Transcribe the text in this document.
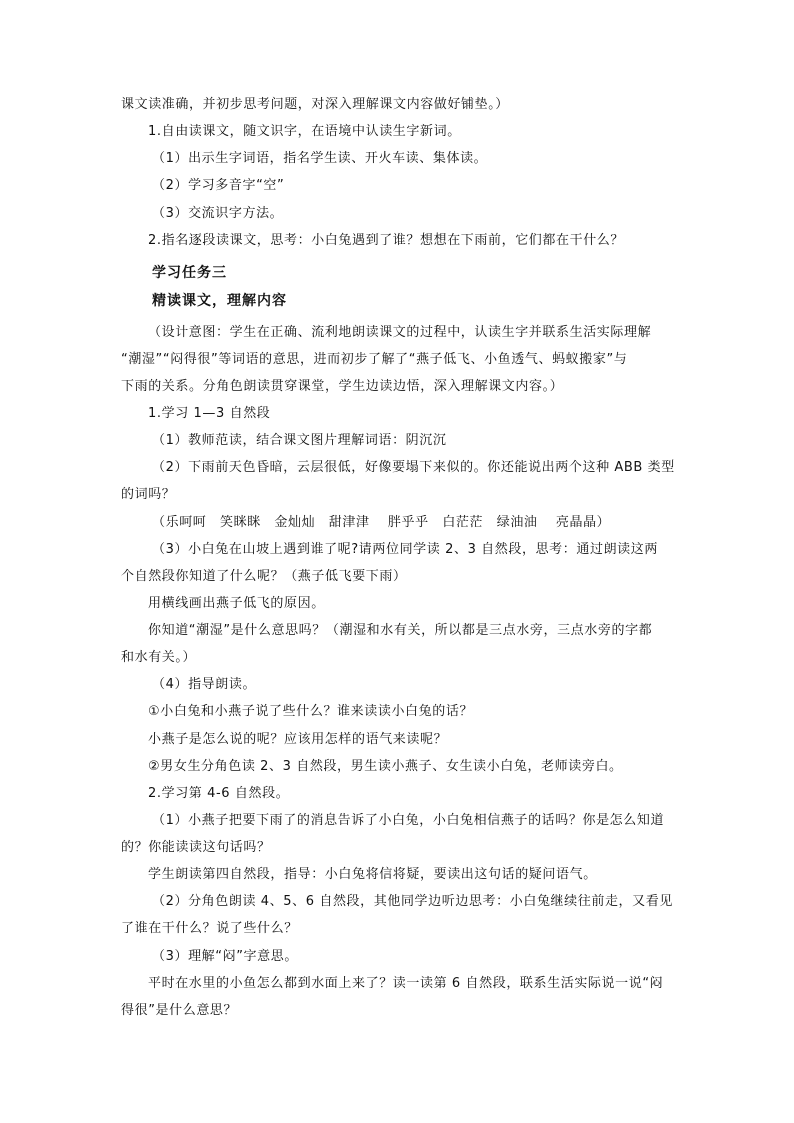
课文读准确，并初步思考问题，对深入理解课文内容做好铺垫。）
1.自由读课文，随文识字，在语境中认读生字新词。
（1）出示生字词语，指名学生读、开火车读、集体读。
（2）学习多音字“空”
（3）交流识字方法。
2.指名逐段读课文，思考：小白兔遇到了谁？想想在下雨前，它们都在干什么？
学习任务三
精读课文，理解内容
（设计意图：学生在正确、流利地朗读课文的过程中，认读生字并联系生活实际理解
“潮湿”“闷得很”等词语的意思，进而初步了解了“燕子低飞、小鱼透气、蚂蚁搬家”与
下雨的关系。分角色朗读贯穿课堂，学生边读边悟，深入理解课文内容。）
1.学习 1—3 自然段
（1）教师范读，结合课文图片理解词语：阴沉沉
（2）下雨前天色昏暗，云层很低，好像要塌下来似的。你还能说出两个这种 ABB 类型
的词吗？
（乐呵呵　笑眯眯　金灿灿　甜津津　 胖乎乎　白茫茫　绿油油　 亮晶晶）
（3）小白兔在山坡上遇到谁了呢?请两位同学读 2、3 自然段，思考：通过朗读这两
个自然段你知道了什么呢？（燕子低飞要下雨）
用横线画出燕子低飞的原因。
你知道“潮湿”是什么意思吗？（潮湿和水有关，所以都是三点水旁，三点水旁的字都
和水有关。）
（4）指导朗读。
①小白兔和小燕子说了些什么？谁来读读小白兔的话？
小燕子是怎么说的呢？应该用怎样的语气来读呢？
②男女生分角色读 2、3 自然段，男生读小燕子、女生读小白兔，老师读旁白。
2.学习第 4-6 自然段。
（1）小燕子把要下雨了的消息告诉了小白兔，小白兔相信燕子的话吗？你是怎么知道
的？你能读读这句话吗？
学生朗读第四自然段，指导：小白兔将信将疑，要读出这句话的疑问语气。
（2）分角色朗读 4、5、6 自然段，其他同学边听边思考：小白兔继续往前走，又看见
了谁在干什么？说了些什么？
（3）理解“闷”字意思。
平时在水里的小鱼怎么都到水面上来了？读一读第 6 自然段，联系生活实际说一说“闷
得很”是什么意思？
